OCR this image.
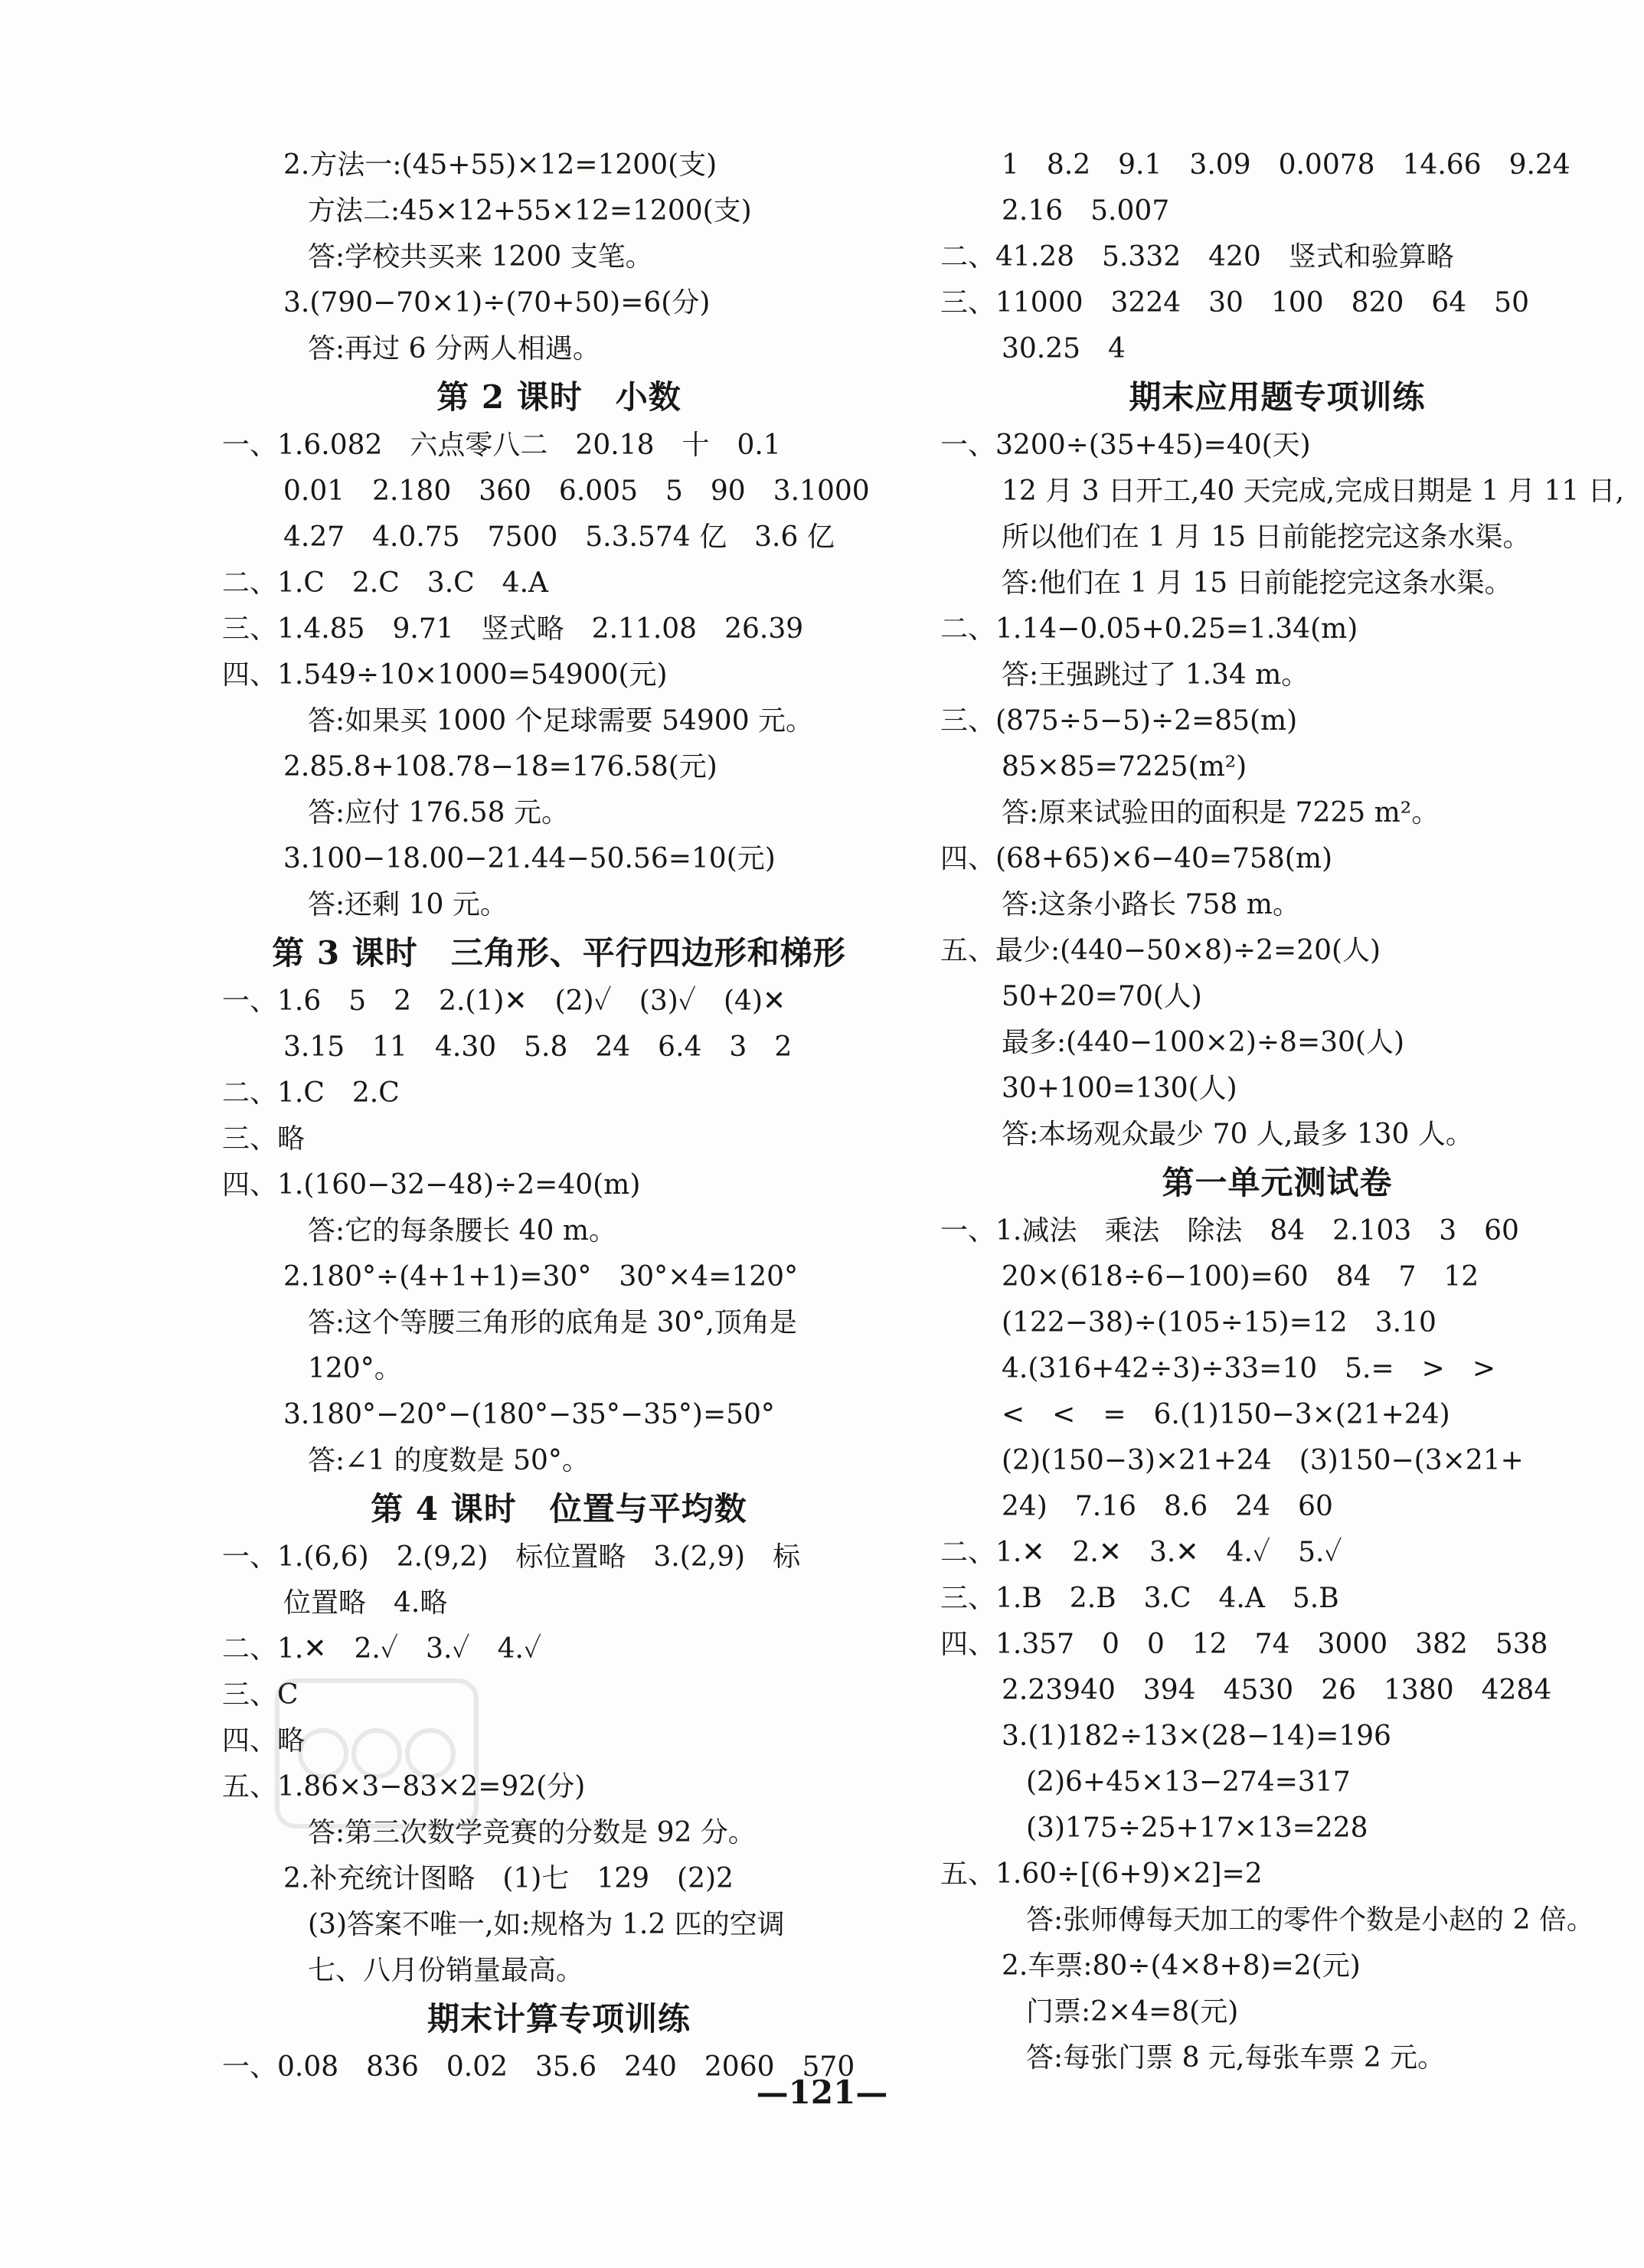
2.方法一:(45+55)×12=1200(支)
方法二:45×12+55×12=1200(支)
答:学校共买来 1200 支笔。
3.(790−70×1)÷(70+50)=6(分)
答:再过 6 分两人相遇。
第 2 课时　小数
一、1.6.082　六点零八二　20.18　十　0.1
0.01　2.180　360　6.005　5　90　3.1000
4.27　4.0.75　7500　5.3.574 亿　3.6 亿
二、1.C　2.C　3.C　4.A
三、1.4.85　9.71　竖式略　2.11.08　26.39
四、1.549÷10×1000=54900(元)
答:如果买 1000 个足球需要 54900 元。
2.85.8+108.78−18=176.58(元)
答:应付 176.58 元。
3.100−18.00−21.44−50.56=10(元)
答:还剩 10 元。
第 3 课时　三角形、平行四边形和梯形
一、1.6　5　2　2.(1)✕　(2)✓　(3)✓　(4)✕
3.15　11　4.30　5.8　24　6.4　3　2
二、1.C　2.C
三、略
四、1.(160−32−48)÷2=40(m)
答:它的每条腰长 40 m。
2.180°÷(4+1+1)=30°　30°×4=120°
答:这个等腰三角形的底角是 30°,顶角是
120°。
3.180°−20°−(180°−35°−35°)=50°
答:∠1 的度数是 50°。
第 4 课时　位置与平均数
一、1.(6,6)　2.(9,2)　标位置略　3.(2,9)　标
位置略　4.略
二、1.✕　2.✓　3.✓　4.✓
三、C
四、略
五、1.86×3−83×2=92(分)
答:第三次数学竞赛的分数是 92 分。
2.补充统计图略　(1)七　129　(2)2
(3)答案不唯一,如:规格为 1.2 匹的空调
七、八月份销量最高。
期末计算专项训练
一、0.08　836　0.02　35.6　240　2060　570
1　8.2　9.1　3.09　0.0078　14.66　9.24
2.16　5.007
二、41.28　5.332　420　竖式和验算略
三、11000　3224　30　100　820　64　50
30.25　4
期末应用题专项训练
一、3200÷(35+45)=40(天)
12 月 3 日开工,40 天完成,完成日期是 1 月 11 日,
所以他们在 1 月 15 日前能挖完这条水渠。
答:他们在 1 月 15 日前能挖完这条水渠。
二、1.14−0.05+0.25=1.34(m)
答:王强跳过了 1.34 m。
三、(875÷5−5)÷2=85(m)
85×85=7225(m²)
答:原来试验田的面积是 7225 m²。
四、(68+65)×6−40=758(m)
答:这条小路长 758 m。
五、最少:(440−50×8)÷2=20(人)
50+20=70(人)
最多:(440−100×2)÷8=30(人)
30+100=130(人)
答:本场观众最少 70 人,最多 130 人。
第一单元测试卷
一、1.减法　乘法　除法　84　2.103　3　60
20×(618÷6−100)=60　84　7　12
(122−38)÷(105÷15)=12　3.10
4.(316+42÷3)÷33=10　5.=　>　>
<　<　=　6.(1)150−3×(21+24)
(2)(150−3)×21+24　(3)150−(3×21+
24)　7.16　8.6　24　60
二、1.✕　2.✕　3.✕　4.✓　5.✓
三、1.B　2.B　3.C　4.A　5.B
四、1.357　0　0　12　74　3000　382　538
2.23940　394　4530　26　1380　4284
3.(1)182÷13×(28−14)=196
(2)6+45×13−274=317
(3)175÷25+17×13=228
五、1.60÷[(6+9)×2]=2
答:张师傅每天加工的零件个数是小赵的 2 倍。
2.车票:80÷(4×8+8)=2(元)
门票:2×4=8(元)
答:每张门票 8 元,每张车票 2 元。
—121—
